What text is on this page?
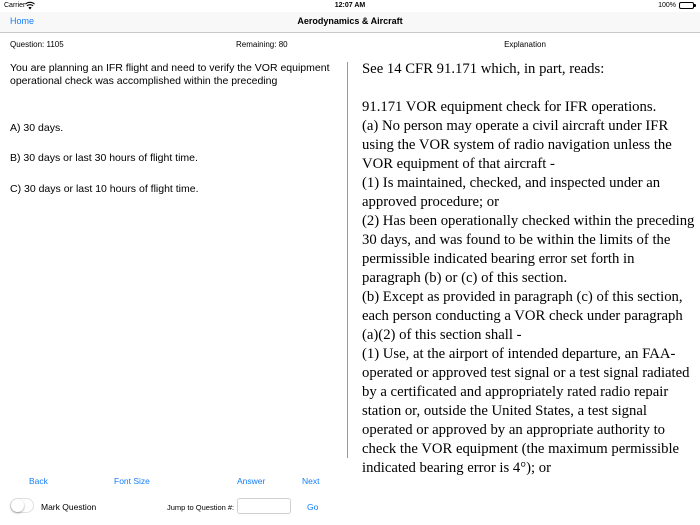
Carrier	12:07 AM	100%
Home	Aerodynamics & Aircraft
Question: 1105	Remaining: 80	Explanation
You are planning an IFR flight and need to verify the VOR equipment operational check was accomplished within the preceding
A) 30 days.
B) 30 days or last 30 hours of flight time.
C) 30 days or last 10 hours of flight time.

See 14 CFR 91.171 which, in part, reads:

91.171 VOR equipment check for IFR operations.

(a) No person may operate a civil aircraft under IFR using the VOR system of radio navigation unless the VOR equipment of that aircraft -

(1) Is maintained, checked, and inspected under an approved procedure; or

(2) Has been operationally checked within the preceding 30 days, and was found to be within the limits of the permissible indicated bearing error set forth in paragraph (b) or (c) of this section.

(b) Except as provided in paragraph (c) of this section, each person conducting a VOR check under paragraph (a)(2) of this section shall -

(1) Use, at the airport of intended departure, an FAA-operated or approved test signal or a test signal radiated by a certificated and appropriately rated radio repair station or, outside the United States, a test signal operated or approved by an appropriate authority to check the VOR equipment (the maximum permissible indicated bearing error is 4°); or

Back	Font Size	Answer	Next
Mark Question	Jump to Question #:	Go
